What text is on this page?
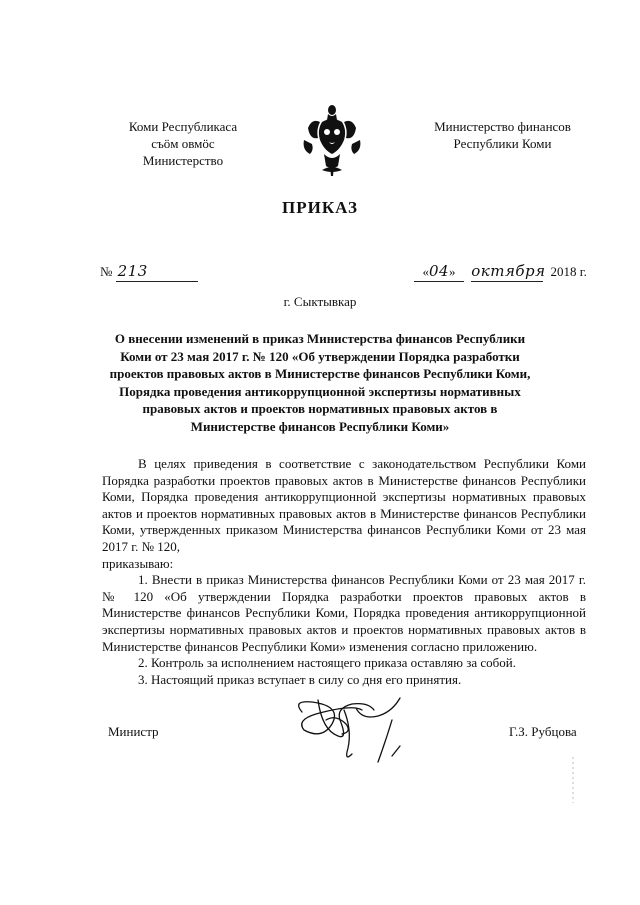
Коми Республикаса
съӧм овмӧс
Министерство
Министерство финансов
Республики Коми
ПРИКАЗ
№ 213	«04» октября 2018 г.
г. Сыктывкар
О внесении изменений в приказ Министерства финансов Республики Коми от 23 мая 2017 г. № 120 «Об утверждении Порядка разработки проектов правовых актов в Министерстве финансов Республики Коми, Порядка проведения антикоррупционной экспертизы нормативных правовых актов и проектов нормативных правовых актов в Министерстве финансов Республики Коми»

В целях приведения в соответствие с законодательством Республики Коми Порядка разработки проектов правовых актов в Министерстве финансов Республики Коми, Порядка проведения антикоррупционной экспертизы нормативных правовых актов и проектов нормативных правовых актов в Министерстве финансов Республики Коми, утвержденных приказом Министерства финансов Республики Коми от 23 мая 2017 г. № 120,

приказываю:

1. Внести в приказ Министерства финансов Республики Коми от 23 мая 2017 г. № 120 «Об утверждении Порядка разработки проектов правовых актов в Министерстве финансов Республики Коми, Порядка проведения антикоррупционной экспертизы нормативных правовых актов и проектов нормативных правовых актов в Министерстве финансов Республики Коми» изменения согласно приложению.

2. Контроль за исполнением настоящего приказа оставляю за собой.

3. Настоящий приказ вступает в силу со дня его принятия.

Министр	Г.З. Рубцова
